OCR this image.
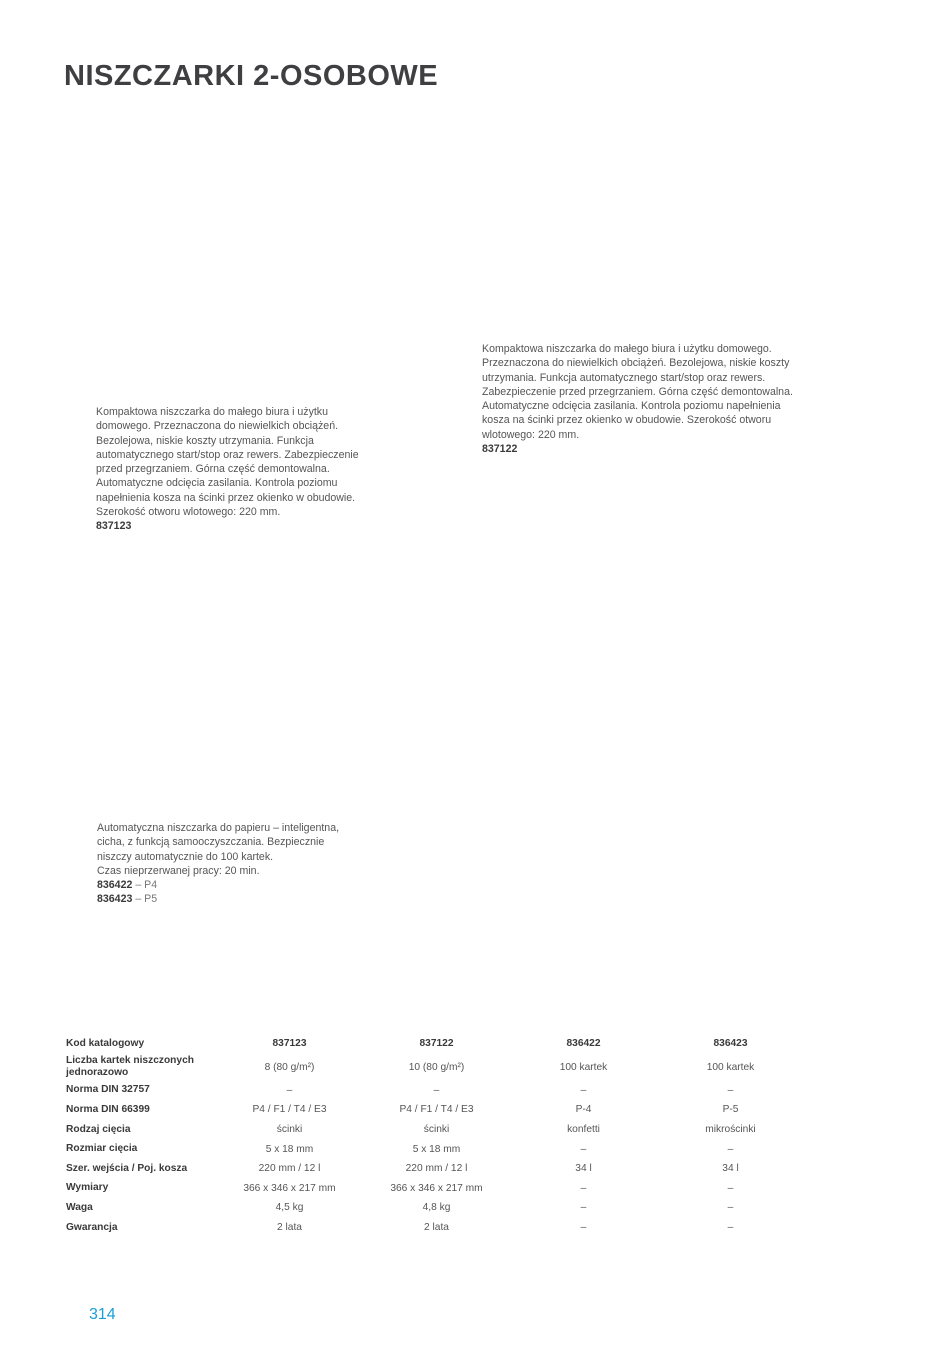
NISZCZARKI 2-OSOBOWE

Kompaktowa niszczarka do małego biura i użytku domowego. Przeznaczona do niewielkich obciążeń. Bezolejowa, niskie koszty utrzymania. Funkcja automatycznego start/stop oraz rewers. Zabezpieczenie przed przegrzaniem. Górna część demontowalna. Automatyczne odcięcia zasilania. Kontrola poziomu napełnienia kosza na ścinki przez okienko w obudowie. Szerokość otworu wlotowego: 220 mm.

837123

Kompaktowa niszczarka do małego biura i użytku domowego. Przeznaczona do niewielkich obciążeń. Bezolejowa, niskie koszty utrzymania. Funkcja automatycznego start/stop oraz rewers. Zabezpieczenie przed przegrzaniem. Górna część demontowalna. Automatyczne odcięcia zasilania. Kontrola poziomu napełnienia kosza na ścinki przez okienko w obudowie. Szerokość otworu wlotowego: 220 mm.

837122

Automatyczna niszczarka do papieru – inteligentna,

cicha, z funkcją samooczyszczania. Bezpiecznie

niszczy automatycznie do 100 kartek.

Czas nieprzerwanej pracy: 20 min.

836422 – P4

836423 – P5

Kod katalogowy	837123	837122	836422	836423
Liczba kartek niszczonych jednorazowo	8 (80 g/m²)	10 (80 g/m²)	100 kartek	100 kartek
Norma DIN 32757	–	–	–	–
Norma DIN 66399	P4 / F1 / T4 / E3	P4 / F1 / T4 / E3	P-4	P-5
Rodzaj cięcia	ścinki	ścinki	konfetti	mikrościnki
Rozmiar cięcia	5 x 18 mm	5 x 18 mm	–	–
Szer. wejścia / Poj. kosza	220 mm / 12 l	220 mm / 12 l	34 l	34 l
Wymiary	366 x 346 x 217 mm	366 x 346 x 217 mm	–	–
Waga	4,5 kg	4,8 kg	–	–
Gwarancja	2 lata	2 lata	–	–
314
